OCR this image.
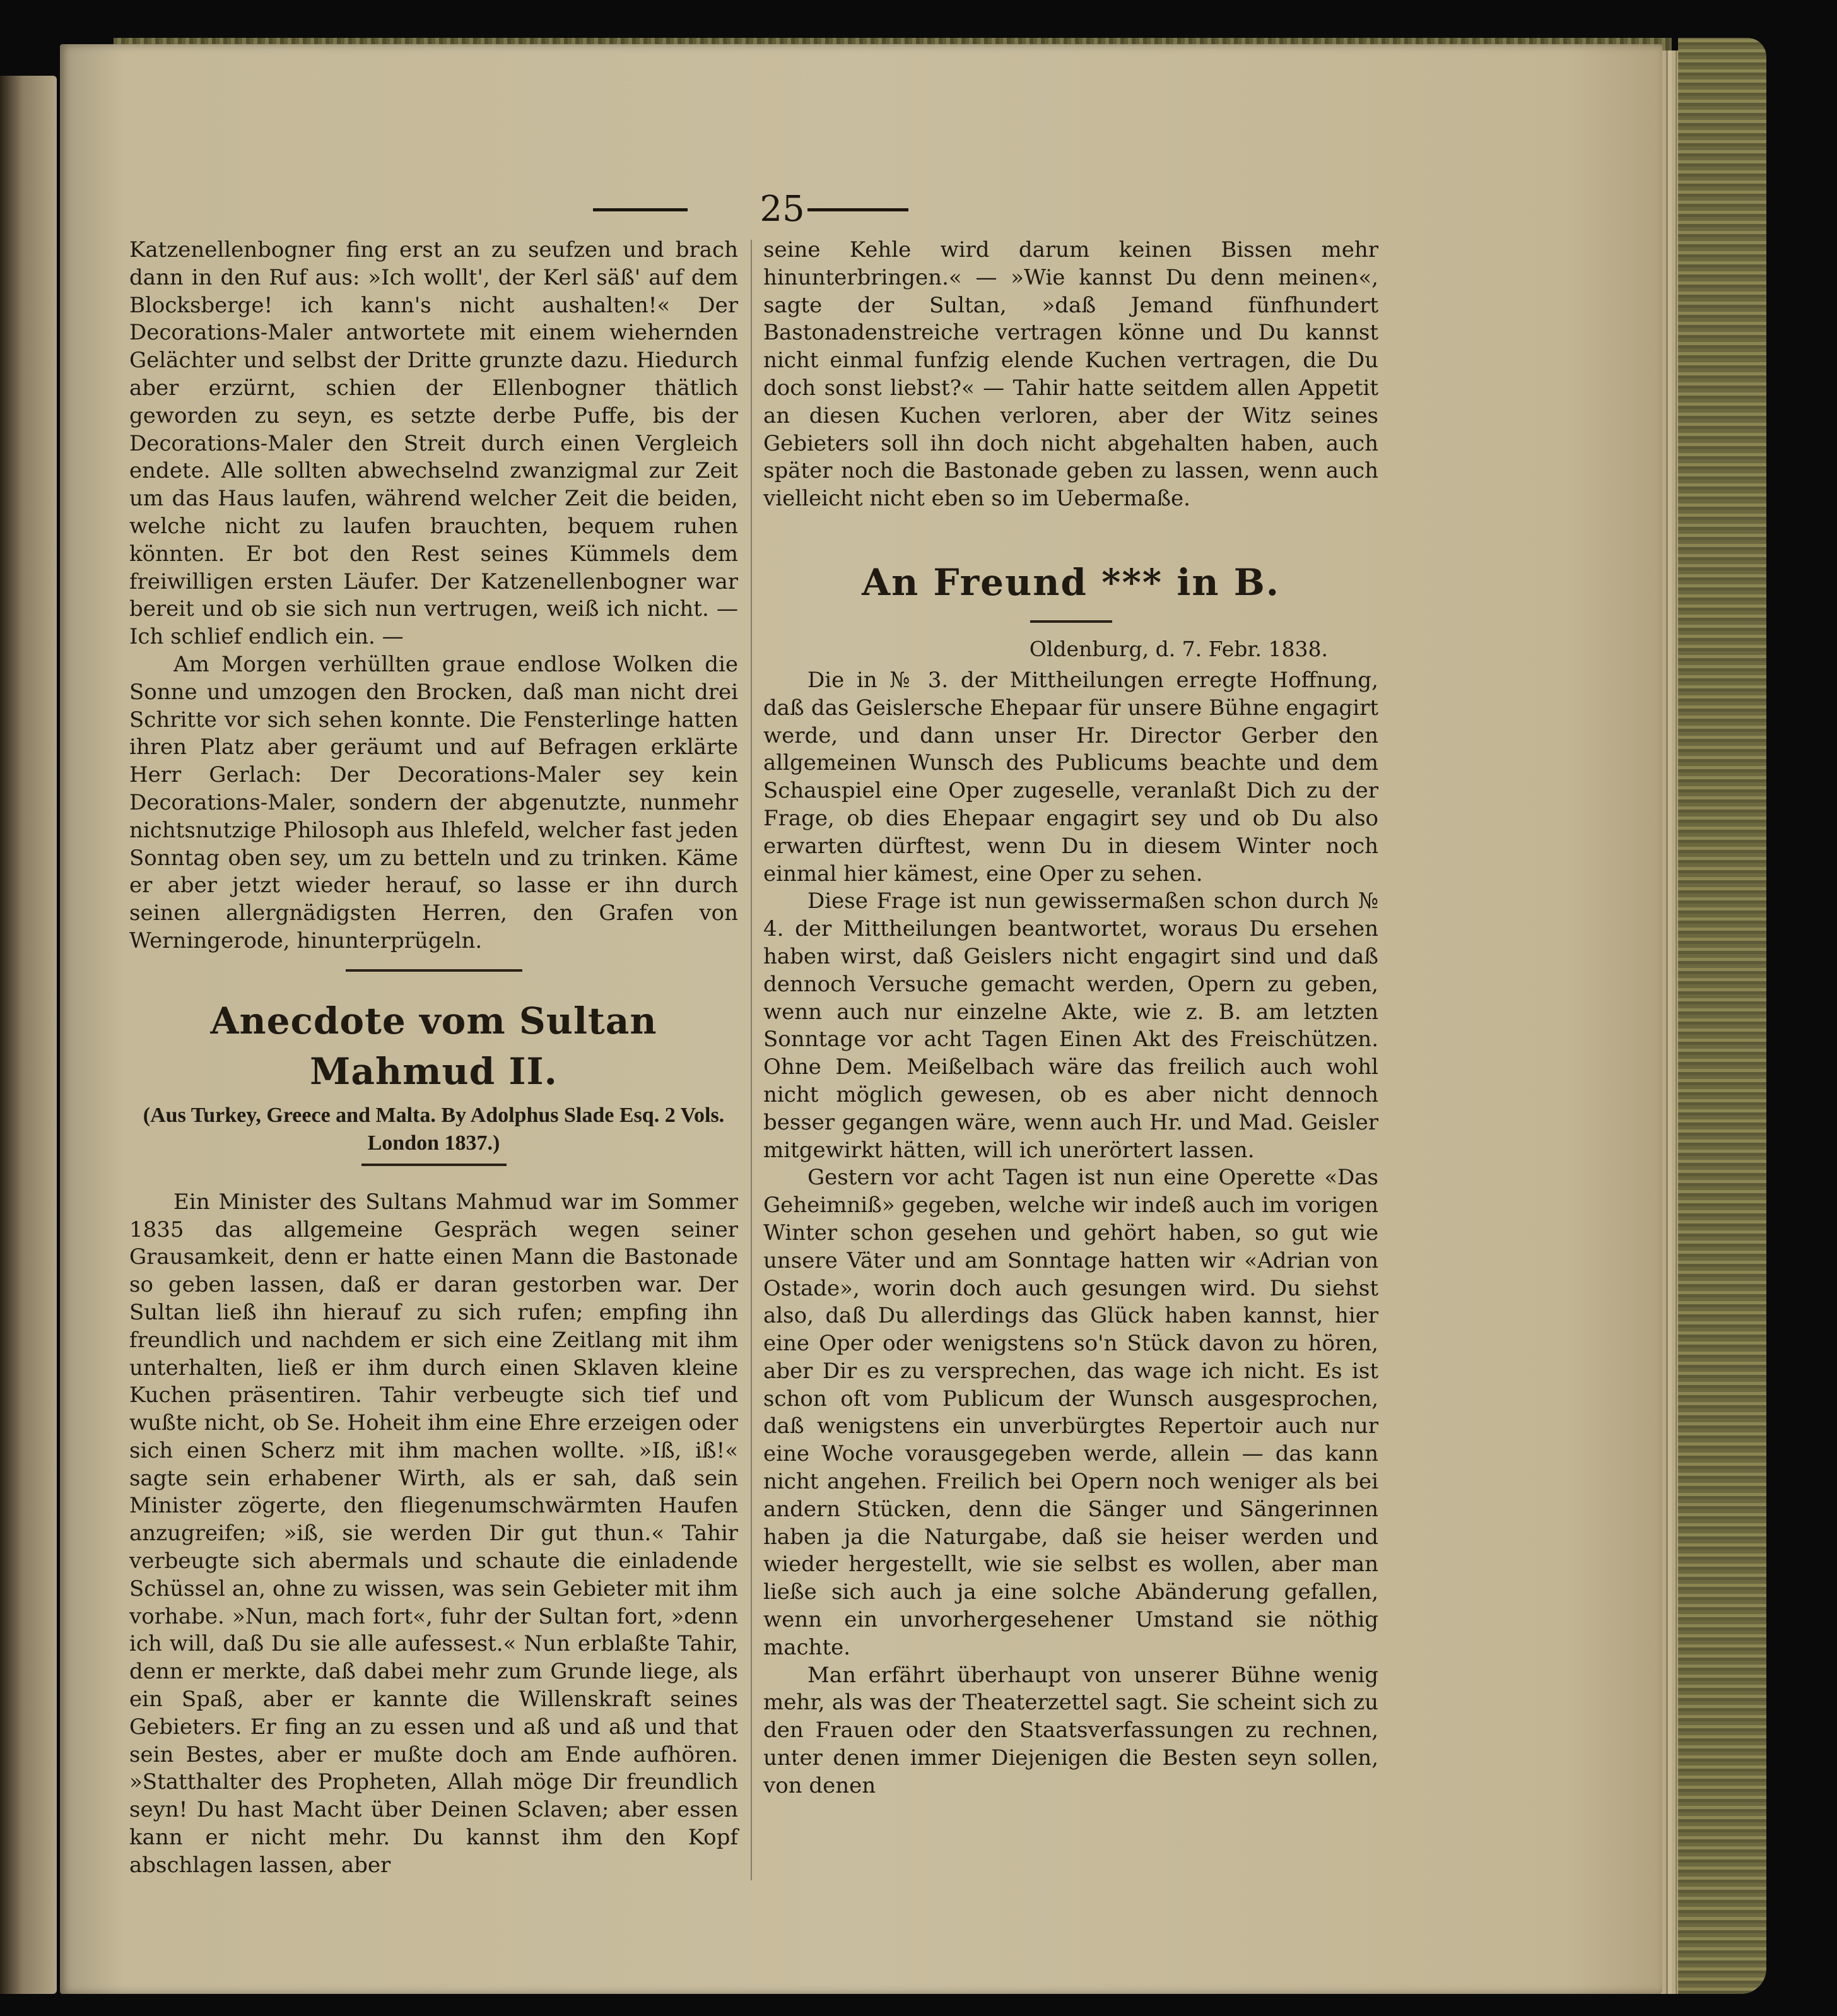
25

Katzenellenbogner fing erst an zu seufzen und brach dann in den Ruf aus: »Ich wollt', der Kerl säß' auf dem Blocksberge! ich kann's nicht aushalten!« Der Decorations-Maler antwortete mit einem wiehernden Gelächter und selbst der Dritte grunzte dazu. Hiedurch aber erzürnt, schien der Ellenbogner thätlich geworden zu seyn, es setzte derbe Puffe, bis der Decorations-Maler den Streit durch einen Vergleich endete. Alle sollten abwechselnd zwanzigmal zur Zeit um das Haus laufen, während welcher Zeit die beiden, welche nicht zu laufen brauchten, bequem ruhen könnten. Er bot den Rest seines Kümmels dem freiwilligen ersten Läufer. Der Katzenellenbogner war bereit und ob sie sich nun vertrugen, weiß ich nicht. — Ich schlief endlich ein. —

Am Morgen verhüllten graue endlose Wolken die Sonne und umzogen den Brocken, daß man nicht drei Schritte vor sich sehen konnte. Die Fensterlinge hatten ihren Platz aber geräumt und auf Befragen erklärte Herr Gerlach: Der Decorations-Maler sey kein Decorations-Maler, sondern der abgenutzte, nunmehr nichtsnutzige Philosoph aus Ihlefeld, welcher fast jeden Sonntag oben sey, um zu betteln und zu trinken. Käme er aber jetzt wieder herauf, so lasse er ihn durch seinen allergnädigsten Herren, den Grafen von Werningerode, hinunterprügeln.

Anecdote vom Sultan Mahmud II.

(Aus Turkey, Greece and Malta. By Adolphus Slade Esq. 2 Vols. London 1837.)

Ein Minister des Sultans Mahmud war im Sommer 1835 das allgemeine Gespräch wegen seiner Grausamkeit, denn er hatte einen Mann die Bastonade so geben lassen, daß er daran gestorben war. Der Sultan ließ ihn hierauf zu sich rufen; empfing ihn freundlich und nachdem er sich eine Zeitlang mit ihm unterhalten, ließ er ihm durch einen Sklaven kleine Kuchen präsentiren. Tahir verbeugte sich tief und wußte nicht, ob Se. Hoheit ihm eine Ehre erzeigen oder sich einen Scherz mit ihm machen wollte. »Iß, iß!« sagte sein erhabener Wirth, als er sah, daß sein Minister zögerte, den fliegenumschwärmten Haufen anzugreifen; »iß, sie werden Dir gut thun.« Tahir verbeugte sich abermals und schaute die einladende Schüssel an, ohne zu wissen, was sein Gebieter mit ihm vorhabe. »Nun, mach fort«, fuhr der Sultan fort, »denn ich will, daß Du sie alle aufessest.« Nun erblaßte Tahir, denn er merkte, daß dabei mehr zum Grunde liege, als ein Spaß, aber er kannte die Willenskraft seines Gebieters. Er fing an zu essen und aß und aß und that sein Bestes, aber er mußte doch am Ende aufhören. »Statthalter des Propheten, Allah möge Dir freundlich seyn! Du hast Macht über Deinen Sclaven; aber essen kann er nicht mehr. Du kannst ihm den Kopf abschlagen lassen, aber

seine Kehle wird darum keinen Bissen mehr hinunterbringen.« — »Wie kannst Du denn meinen«, sagte der Sultan, »daß Jemand fünfhundert Bastonadenstreiche vertragen könne und Du kannst nicht einmal funfzig elende Kuchen vertragen, die Du doch sonst liebst?« — Tahir hatte seitdem allen Appetit an diesen Kuchen verloren, aber der Witz seines Gebieters soll ihn doch nicht abgehalten haben, auch später noch die Bastonade geben zu lassen, wenn auch vielleicht nicht eben so im Uebermaße.

An Freund *** in B.

Oldenburg, d. 7. Febr. 1838.

Die in № 3. der Mittheilungen erregte Hoffnung, daß das Geislersche Ehepaar für unsere Bühne engagirt werde, und dann unser Hr. Director Gerber den allgemeinen Wunsch des Publicums beachte und dem Schauspiel eine Oper zugeselle, veranlaßt Dich zu der Frage, ob dies Ehepaar engagirt sey und ob Du also erwarten dürftest, wenn Du in diesem Winter noch einmal hier kämest, eine Oper zu sehen.

Diese Frage ist nun gewissermaßen schon durch № 4. der Mittheilungen beantwortet, woraus Du ersehen haben wirst, daß Geislers nicht engagirt sind und daß dennoch Versuche gemacht werden, Opern zu geben, wenn auch nur einzelne Akte, wie z. B. am letzten Sonntage vor acht Tagen Einen Akt des Freischützen. Ohne Dem. Meißelbach wäre das freilich auch wohl nicht möglich gewesen, ob es aber nicht dennoch besser gegangen wäre, wenn auch Hr. und Mad. Geisler mitgewirkt hätten, will ich unerörtert lassen.

Gestern vor acht Tagen ist nun eine Operette «Das Geheimniß» gegeben, welche wir indeß auch im vorigen Winter schon gesehen und gehört haben, so gut wie unsere Väter und am Sonntage hatten wir «Adrian von Ostade», worin doch auch gesungen wird. Du siehst also, daß Du allerdings das Glück haben kannst, hier eine Oper oder wenigstens so'n Stück davon zu hören, aber Dir es zu versprechen, das wage ich nicht. Es ist schon oft vom Publicum der Wunsch ausgesprochen, daß wenigstens ein unverbürgtes Repertoir auch nur eine Woche vorausgegeben werde, allein — das kann nicht angehen. Freilich bei Opern noch weniger als bei andern Stücken, denn die Sänger und Sängerinnen haben ja die Naturgabe, daß sie heiser werden und wieder hergestellt, wie sie selbst es wollen, aber man ließe sich auch ja eine solche Abänderung gefallen, wenn ein unvorhergesehener Umstand sie nöthig machte.

Man erfährt überhaupt von unserer Bühne wenig mehr, als was der Theaterzettel sagt. Sie scheint sich zu den Frauen oder den Staatsverfassungen zu rechnen, unter denen immer Diejenigen die Besten seyn sollen, von denen
